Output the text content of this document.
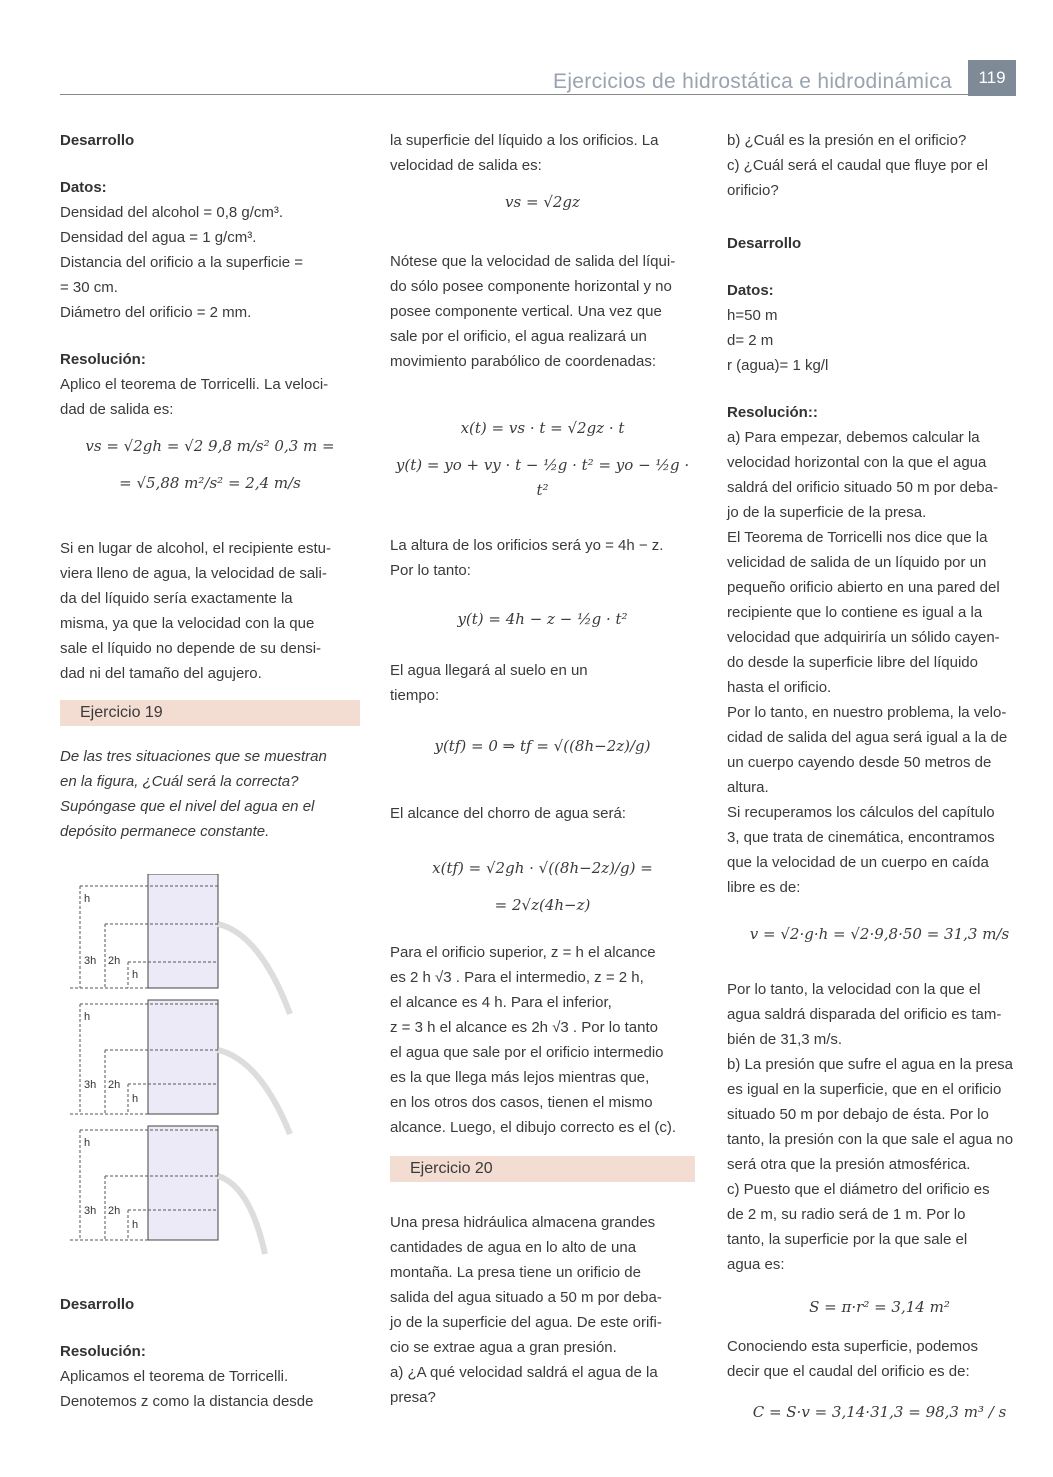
Ejercicios de hidrostática e hidrodinámica	119
Desarrollo
Datos:

Densidad del alcohol = 0,8 g/cm³.

Densidad del agua = 1 g/cm³.

Distancia del orificio a la superficie =

= 30 cm.

Diámetro del orificio = 2 mm.

Resolución:

Aplico el teorema de Torricelli. La veloci-

dad de salida es:

vs = √2gh = √2 9,8 m/s² 0,3 m =
= √5,88 m²/s² = 2,4 m/s

Si en lugar de alcohol, el recipiente estu-

viera lleno de agua, la velocidad de sali-

da del líquido sería exactamente la

misma, ya que la velocidad con la que

sale el líquido no depende de su densi-

dad ni del tamaño del agujero.

Ejercicio 19

De las tres situaciones que se muestran

en la figura, ¿Cuál será la correcta?

Supóngase que el nivel del agua en el

depósito permanece constante.

h
3h 2h
h
h
3h 2h
h
h
3h 2h
h
Desarrollo
Resolución:

Aplicamos el teorema de Torricelli.

Denotemos z como la distancia desde

la superficie del líquido a los orificios. La

velocidad de salida es:

vs = √2gz

Nótese que la velocidad de salida del líqui-

do sólo posee componente horizontal y no

posee componente vertical. Una vez que

sale por el orificio, el agua realizará un

movimiento parabólico de coordenadas:

x(t) = vs · t = √2gz · t
y(t) = yo + vy · t − ½g · t² = yo − ½g · t²

La altura de los orificios será yo = 4h − z.

Por lo tanto:

y(t) = 4h − z − ½g · t²

El agua llegará al suelo en un

tiempo:

y(tf) = 0 ⇒ tf = √((8h−2z)/g)

El alcance del chorro de agua será:

x(tf) = √2gh · √((8h−2z)/g) =
= 2√z(4h−z)

Para el orificio superior, z = h el alcance

es 2 h √3 . Para el intermedio, z = 2 h,

el alcance es 4 h. Para el inferior,

z = 3 h el alcance es 2h √3 . Por lo tanto

el agua que sale por el orificio intermedio

es la que llega más lejos mientras que,

en los otros dos casos, tienen el mismo

alcance. Luego, el dibujo correcto es el (c).

Ejercicio 20

Una presa hidráulica almacena grandes

cantidades de agua en lo alto de una

montaña. La presa tiene un orificio de

salida del agua situado a 50 m por deba-

jo de la superficie del agua. De este orifi-

cio se extrae agua a gran presión.

a) ¿A qué velocidad saldrá el agua de la

presa?

b) ¿Cuál es la presión en el orificio?

c) ¿Cuál será el caudal que fluye por el

orificio?

Desarrollo
Datos:

h=50 m

d= 2 m

r (agua)= 1 kg/l

Resolución::

a) Para empezar, debemos calcular la

velocidad horizontal con la que el agua

saldrá del orificio situado 50 m por deba-

jo de la superficie de la presa.

El Teorema de Torricelli nos dice que la

velicidad de salida de un líquido por un

pequeño orificio abierto en una pared del

recipiente que lo contiene es igual a la

velocidad que adquiriría un sólido cayen-

do desde la superficie libre del líquido

hasta el orificio.

Por lo tanto, en nuestro problema, la velo-

cidad de salida del agua será igual a la de

un cuerpo cayendo desde 50 metros de

altura.

Si recuperamos los cálculos del capítulo

3, que trata de cinemática, encontramos

que la velocidad de un cuerpo en caída

libre es de:

v = √2·g·h = √2·9,8·50 = 31,3 m/s

Por lo tanto, la velocidad con la que el

agua saldrá disparada del orificio es tam-

bién de 31,3 m/s.

b) La presión que sufre el agua en la presa

es igual en la superficie, que en el orificio

situado 50 m por debajo de ésta. Por lo

tanto, la presión con la que sale el agua no

será otra que la presión atmosférica.

c) Puesto que el diámetro del orificio es

de 2 m, su radio será de 1 m. Por lo

tanto, la superficie por la que sale el

agua es:

S = π·r² = 3,14 m²

Conociendo esta superficie, podemos

decir que el caudal del orificio es de:

C = S·v = 3,14·31,3 = 98,3 m³ / s
